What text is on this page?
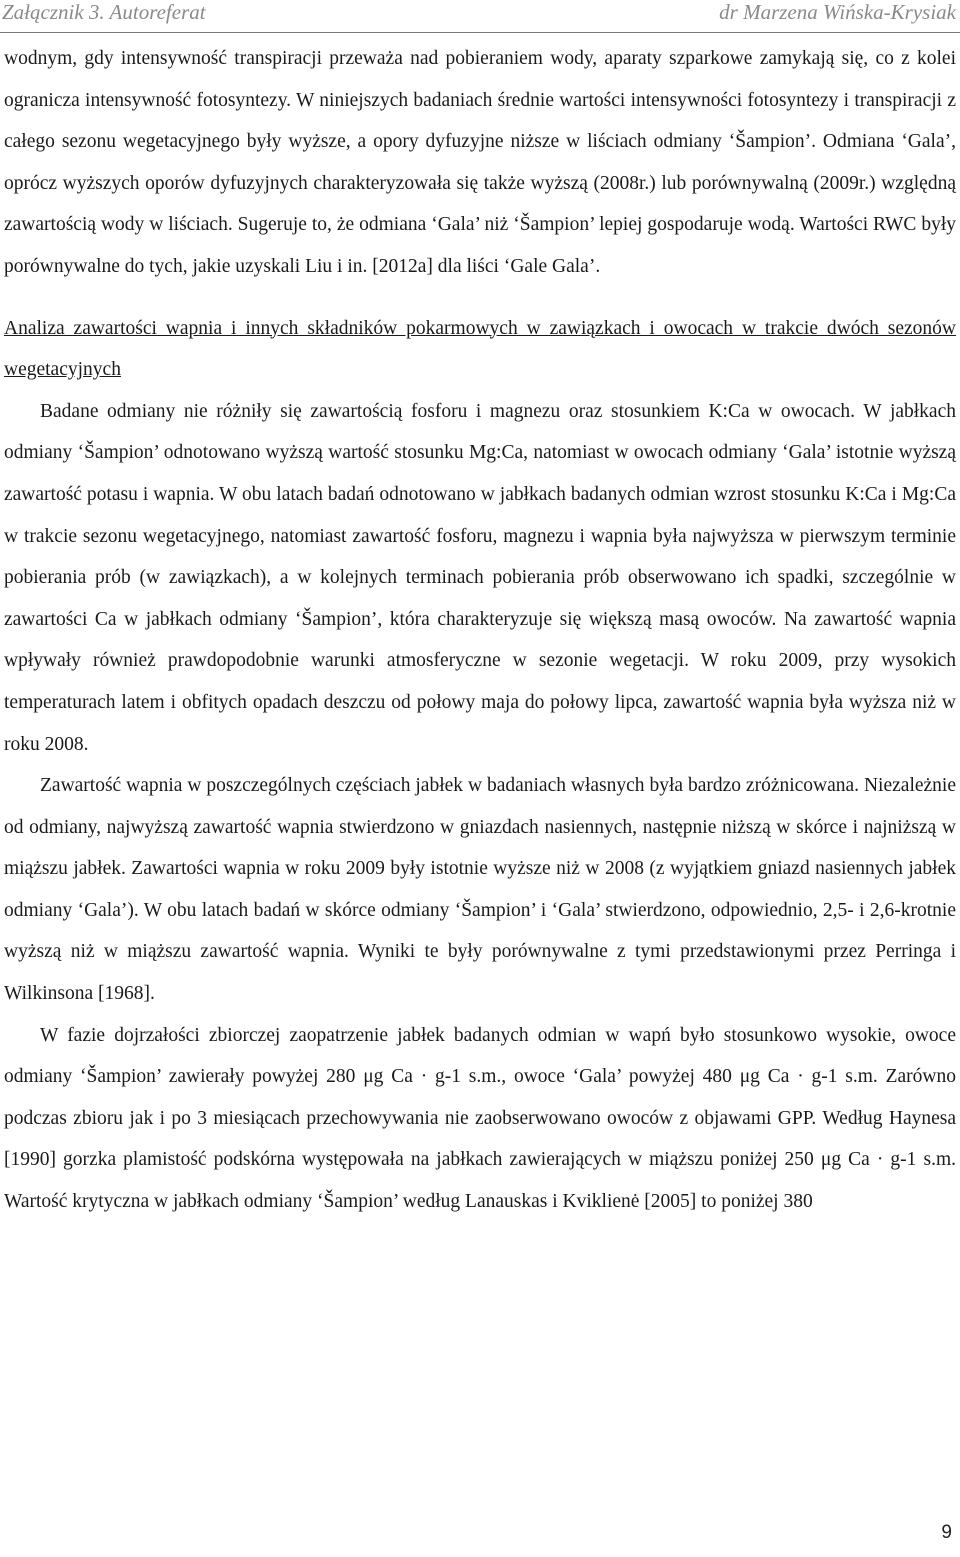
Załącznik 3. Autoreferat	dr Marzena Wińska-Krysiak

wodnym, gdy intensywność transpiracji przeważa nad pobieraniem wody, aparaty szparkowe zamykają się, co z kolei ogranicza intensywność fotosyntezy. W niniejszych badaniach średnie wartości intensywności fotosyntezy i transpiracji z całego sezonu wegetacyjnego były wyższe, a opory dyfuzyjne niższe w liściach odmiany ‘Šampion’. Odmiana ‘Gala’, oprócz wyższych oporów dyfuzyjnych charakteryzowała się także wyższą (2008r.) lub porównywalną (2009r.) względną zawartością wody w liściach. Sugeruje to, że odmiana ‘Gala’ niż ‘Šampion’ lepiej gospodaruje wodą. Wartości RWC były porównywalne do tych, jakie uzyskali Liu i in. [2012a] dla liści ‘Gale Gala’.

Analiza zawartości wapnia i innych składników pokarmowych w zawiązkach i owocach w trakcie dwóch sezonów wegetacyjnych

Badane odmiany nie różniły się zawartością fosforu i magnezu oraz stosunkiem K:Ca w owocach. W jabłkach odmiany ‘Šampion’ odnotowano wyższą wartość stosunku Mg:Ca, natomiast w owocach odmiany ‘Gala’ istotnie wyższą zawartość potasu i wapnia. W obu latach badań odnotowano w jabłkach badanych odmian wzrost stosunku K:Ca i Mg:Ca w trakcie sezonu wegetacyjnego, natomiast zawartość fosforu, magnezu i wapnia była najwyższa w pierwszym terminie pobierania prób (w zawiązkach), a w kolejnych terminach pobierania prób obserwowano ich spadki, szczególnie w zawartości Ca w jabłkach odmiany ‘Šampion’, która charakteryzuje się większą masą owoców. Na zawartość wapnia wpływały również prawdopodobnie warunki atmosferyczne w sezonie wegetacji. W roku 2009, przy wysokich temperaturach latem i obfitych opadach deszczu od połowy maja do połowy lipca, zawartość wapnia była wyższa niż w roku 2008.

Zawartość wapnia w poszczególnych częściach jabłek w badaniach własnych była bardzo zróżnicowana. Niezależnie od odmiany, najwyższą zawartość wapnia stwierdzono w gniazdach nasiennych, następnie niższą w skórce i najniższą w miąższu jabłek. Zawartości wapnia w roku 2009 były istotnie wyższe niż w 2008 (z wyjątkiem gniazd nasiennych jabłek odmiany ‘Gala’). W obu latach badań w skórce odmiany ‘Šampion’ i ‘Gala’ stwierdzono, odpowiednio, 2,5- i 2,6-krotnie wyższą niż w miąższu zawartość wapnia. Wyniki te były porównywalne z tymi przedstawionymi przez Perringa i Wilkinsona [1968].

W fazie dojrzałości zbiorczej zaopatrzenie jabłek badanych odmian w wapń było stosunkowo wysokie, owoce odmiany ‘Šampion’ zawierały powyżej 280 μg Ca · g-1 s.m., owoce ‘Gala’ powyżej 480 μg Ca · g-1 s.m. Zarówno podczas zbioru jak i po 3 miesiącach przechowywania nie zaobserwowano owoców z objawami GPP. Według Haynesa [1990] gorzka plamistość podskórna występowała na jabłkach zawierających w miąższu poniżej 250 μg Ca · g-1 s.m. Wartość krytyczna w jabłkach odmiany ‘Šampion’ według Lanauskas i Kviklienė [2005] to poniżej 380

9
